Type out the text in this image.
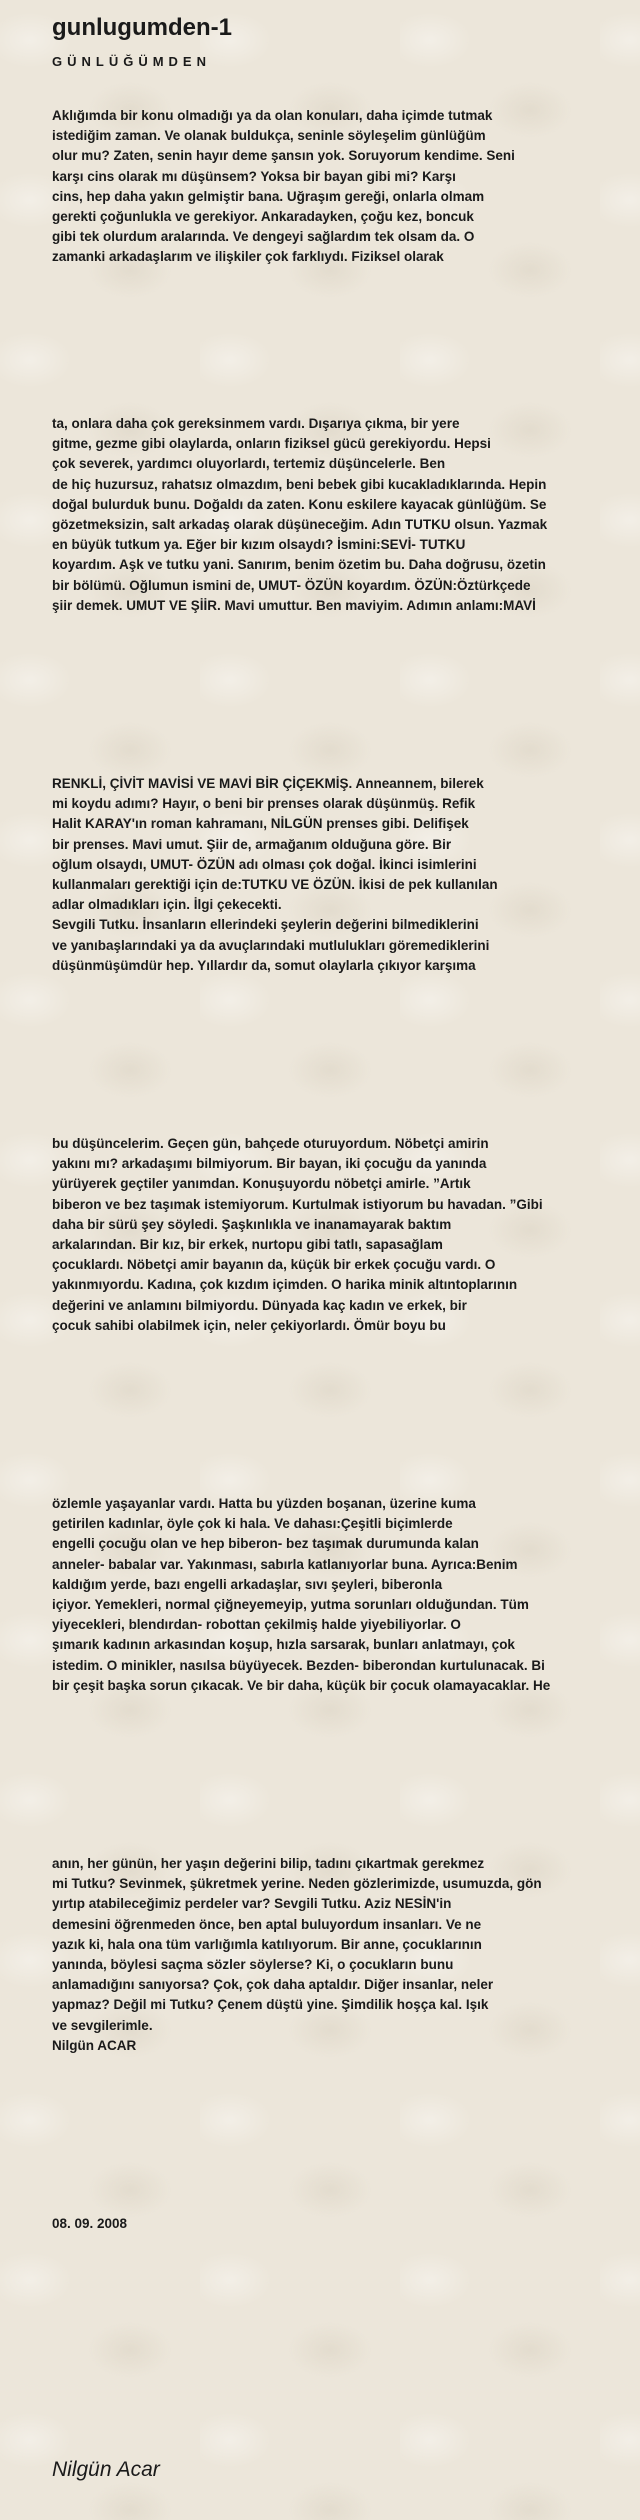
gunlugumden-1
GÜNLÜĞÜMDEN
Aklığımda bir konu olmadığı ya da olan konuları, daha içimde tutmak
istediğim zaman. Ve olanak buldukça, seninle söyleşelim günlüğüm
olur mu? Zaten, senin hayır deme şansın yok. Soruyorum kendime. Seni
karşı cins olarak mı düşünsem? Yoksa bir bayan gibi mi? Karşı
cins, hep daha yakın gelmiştir bana. Uğraşım gereği, onlarla olmam
gerekti çoğunlukla ve gerekiyor. Ankaradayken, çoğu kez, boncuk
gibi tek olurdum aralarında. Ve dengeyi sağlardım tek olsam da. O
zamanki arkadaşlarım ve ilişkiler çok farklıydı. Fiziksel olarak
ta, onlara daha çok gereksinmem vardı. Dışarıya çıkma, bir yere
gitme, gezme gibi olaylarda, onların fiziksel gücü gerekiyordu. Hepsi
çok severek, yardımcı oluyorlardı, tertemiz düşüncelerle. Ben
de hiç huzursuz, rahatsız olmazdım, beni bebek gibi kucakladıklarında. Hepin
doğal bulurduk bunu. Doğaldı da zaten. Konu eskilere kayacak günlüğüm. Se
gözetmeksizin, salt arkadaş olarak düşüneceğim. Adın TUTKU olsun. Yazmak
en büyük tutkum ya. Eğer bir kızım olsaydı? İsmini:SEVİ- TUTKU
koyardım. Aşk ve tutku yani. Sanırım, benim özetim bu. Daha doğrusu, özetin
bir bölümü. Oğlumun ismini de, UMUT- ÖZÜN koyardım. ÖZÜN:Öztürkçede
şiir demek. UMUT VE ŞİİR. Mavi umuttur. Ben maviyim. Adımın anlamı:MAVİ
RENKLİ, ÇİVİT MAVİSİ VE MAVİ BİR ÇİÇEKMİŞ. Anneannem, bilerek
mi koydu adımı? Hayır, o beni bir prenses olarak düşünmüş. Refik
Halit KARAY'ın roman kahramanı, NİLGÜN prenses gibi. Delifişek
bir prenses. Mavi umut. Şiir de, armağanım olduğuna göre. Bir
oğlum olsaydı, UMUT- ÖZÜN adı olması çok doğal. İkinci isimlerini
kullanmaları gerektiği için de:TUTKU VE ÖZÜN. İkisi de pek kullanılan
adlar olmadıkları için. İlgi çekecekti.
Sevgili Tutku. İnsanların ellerindeki şeylerin değerini bilmediklerini
ve yanıbaşlarındaki ya da avuçlarındaki mutlulukları göremediklerini
düşünmüşümdür hep. Yıllardır da, somut olaylarla çıkıyor karşıma
bu düşüncelerim. Geçen gün, bahçede oturuyordum. Nöbetçi amirin
yakını mı? arkadaşımı bilmiyorum. Bir bayan, iki çocuğu da yanında
yürüyerek geçtiler yanımdan. Konuşuyordu nöbetçi amirle. ”Artık
biberon ve bez taşımak istemiyorum. Kurtulmak istiyorum bu havadan. ”Gibi
daha bir sürü şey söyledi. Şaşkınlıkla ve inanamayarak baktım
arkalarından. Bir kız, bir erkek, nurtopu gibi tatlı, sapasağlam
çocuklardı. Nöbetçi amir bayanın da, küçük bir erkek çocuğu vardı. O
yakınmıyordu. Kadına, çok kızdım içimden. O harika minik altıntoplarının
değerini ve anlamını bilmiyordu. Dünyada kaç kadın ve erkek, bir
çocuk sahibi olabilmek için, neler çekiyorlardı. Ömür boyu bu
özlemle yaşayanlar vardı. Hatta bu yüzden boşanan, üzerine kuma
getirilen kadınlar, öyle çok ki hala. Ve dahası:Çeşitli biçimlerde
engelli çocuğu olan ve hep biberon- bez taşımak durumunda kalan
anneler- babalar var. Yakınması, sabırla katlanıyorlar buna. Ayrıca:Benim
kaldığım yerde, bazı engelli arkadaşlar, sıvı şeyleri, biberonla
içiyor. Yemekleri, normal çiğneyemeyip, yutma sorunları olduğundan. Tüm
yiyecekleri, blendırdan- robottan çekilmiş halde yiyebiliyorlar. O
şımarık kadının arkasından koşup, hızla sarsarak, bunları anlatmayı, çok
istedim. O minikler, nasılsa büyüyecek. Bezden- biberondan kurtulunacak. Bi
bir çeşit başka sorun çıkacak. Ve bir daha, küçük bir çocuk olamayacaklar. He
anın, her günün, her yaşın değerini bilip, tadını çıkartmak gerekmez
mi Tutku? Sevinmek, şükretmek yerine. Neden gözlerimizde, usumuzda, gön
yırtıp atabileceğimiz perdeler var? Sevgili Tutku. Aziz NESİN'in
demesini öğrenmeden önce, ben aptal buluyordum insanları. Ve ne
yazık ki, hala ona tüm varlığımla katılıyorum. Bir anne, çocuklarının
yanında, böylesi saçma sözler söylerse? Ki, o çocukların bunu
anlamadığını sanıyorsa? Çok, çok daha aptaldır. Diğer insanlar, neler
yapmaz? Değil mi Tutku? Çenem düştü yine. Şimdilik hoşça kal. Işık
ve sevgilerimle.
Nilgün ACAR
08. 09. 2008
Nilgün Acar
